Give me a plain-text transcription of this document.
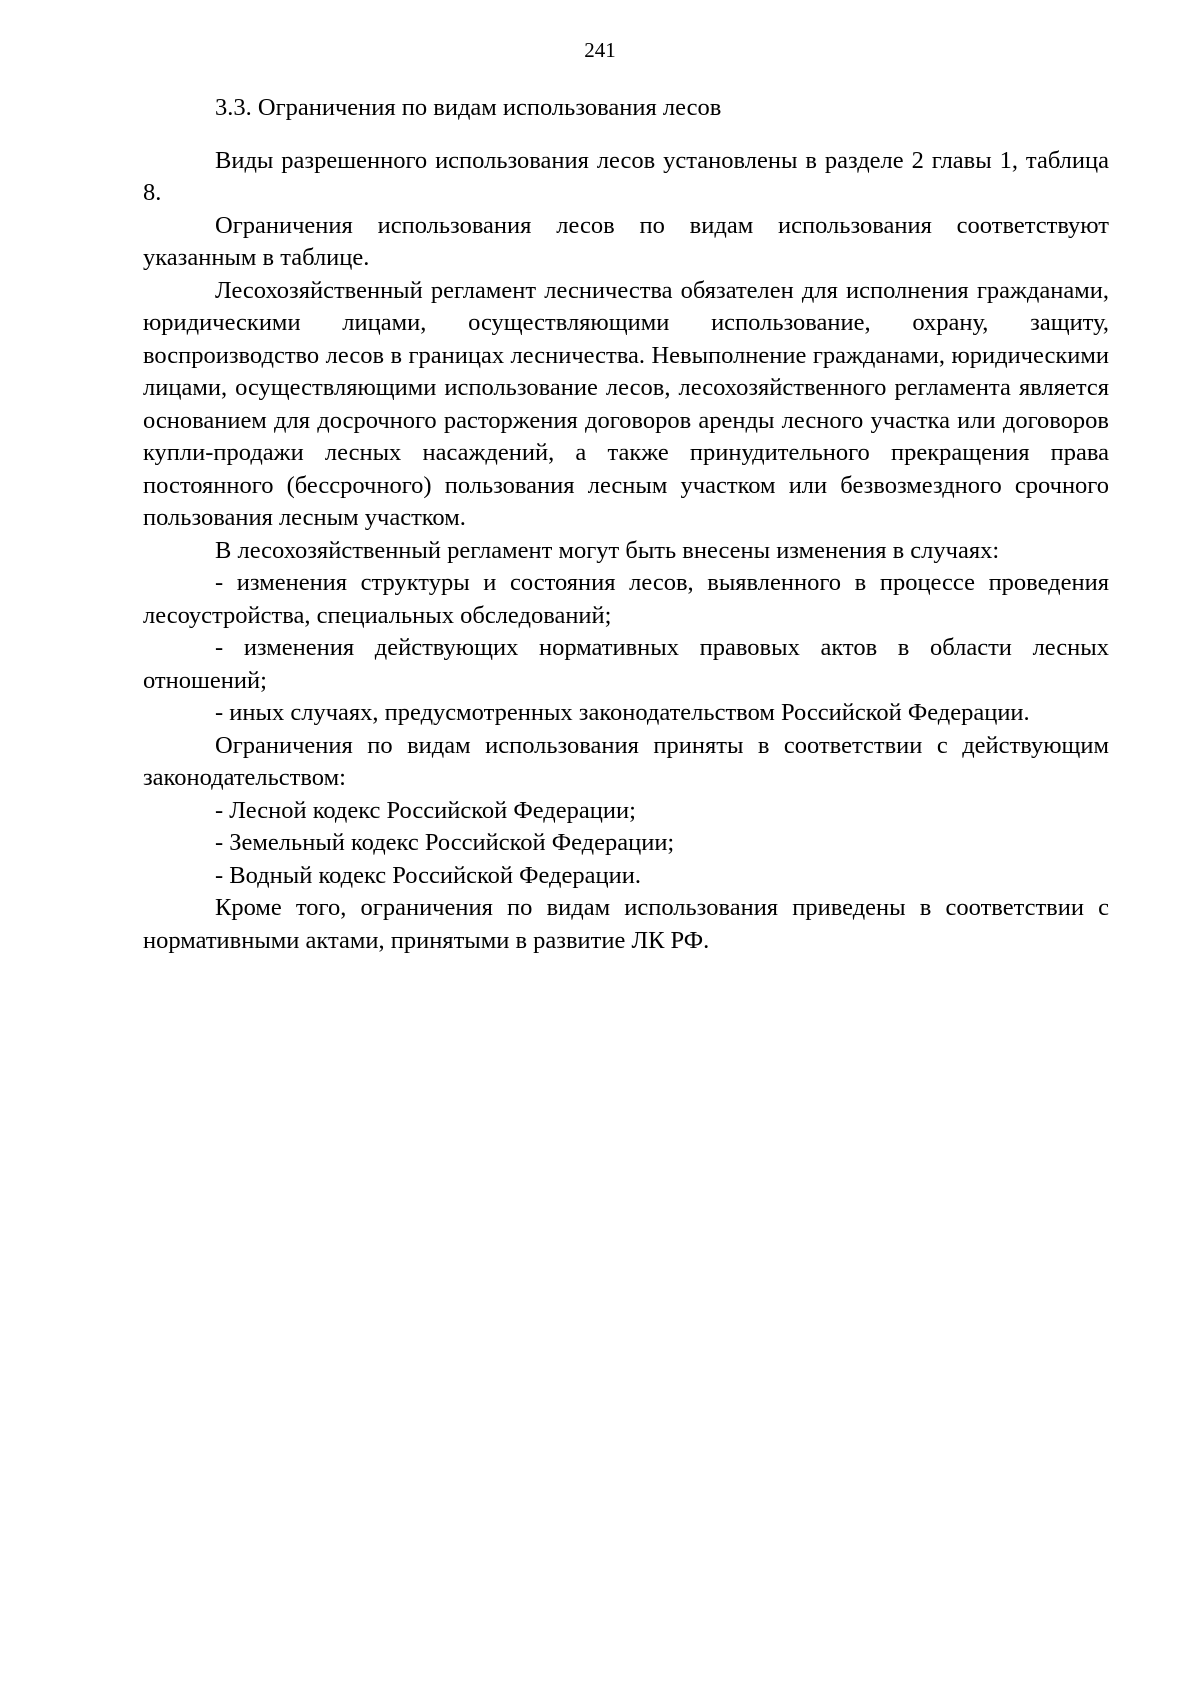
241
3.3. Ограничения по видам использования лесов

Виды разрешенного использования лесов установлены в разделе 2 главы 1, таблица 8.

Ограничения использования лесов по видам использования соответствуют указанным в таблице.

Лесохозяйственный регламент лесничества обязателен для исполнения гражданами, юридическими лицами, осуществляющими использование, охрану, защиту, воспроизводство лесов в границах лесничества. Невыполнение гражданами, юридическими лицами, осуществляющими использование лесов, лесохозяйственного регламента является основанием для досрочного расторжения договоров аренды лесного участка или договоров купли-продажи лесных насаждений, а также принудительного прекращения права постоянного (бессрочного) пользования лесным участком или безвозмездного срочного пользования лесным участком.

В лесохозяйственный регламент могут быть внесены изменения в случаях:

- изменения структуры и состояния лесов, выявленного в процессе проведения лесоустройства, специальных обследований;

- изменения действующих нормативных правовых актов в области лесных отношений;

- иных случаях, предусмотренных законодательством Российской Федерации.

Ограничения по видам использования приняты в соответствии с действующим законодательством:

- Лесной кодекс Российской Федерации;

- Земельный кодекс Российской Федерации;

- Водный кодекс Российской Федерации.

Кроме того, ограничения по видам использования приведены в соответствии с нормативными актами, принятыми в развитие ЛК РФ.
